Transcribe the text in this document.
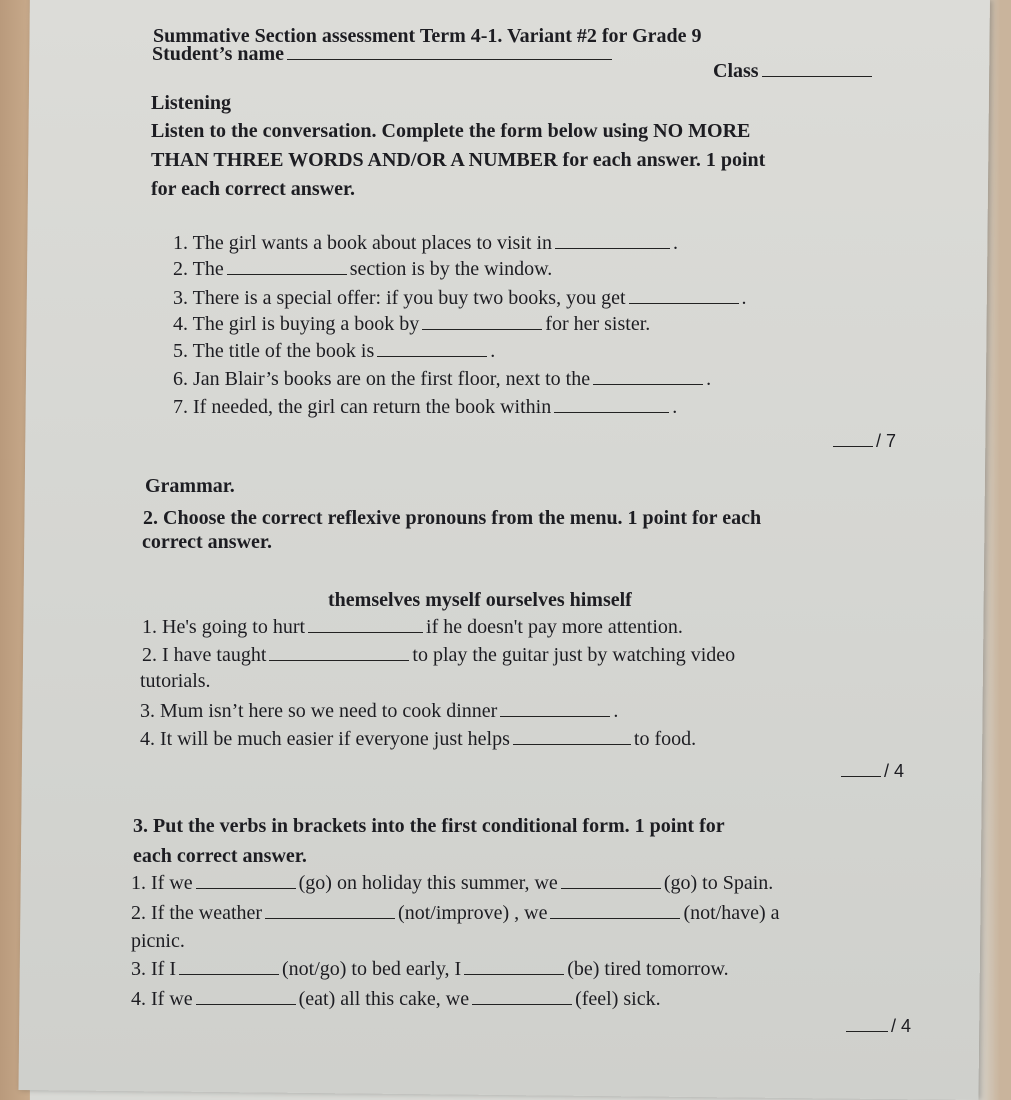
Summative Section assessment Term 4-1. Variant #2 for Grade 9
Student’s name
Class
Listening
Listen to the conversation. Complete the form below using NO MORE
THAN THREE WORDS AND/OR A NUMBER for each answer. 1 point
for each correct answer.
1. The girl wants a book about places to visit in	.
2. The	section is by the window.
3. There is a special offer: if you buy two books, you get	.
4. The girl is buying a book by	for her sister.
5. The title of the book is	.
6. Jan Blair’s books are on the first floor, next to the	.
7. If needed, the girl can return the book within	.
/ 7
Grammar.
2. Choose the correct reflexive pronouns from the menu. 1 point for each
correct answer.
themselves myself ourselves himself
1. He's going to hurt	if he doesn't pay more attention.
2. I have taught	to play the guitar just by watching video
tutorials.
3. Mum isn’t here so we need to cook dinner	.
4. It will be much easier if everyone just helps	to food.
/ 4
3. Put the verbs in brackets into the first conditional form. 1 point for
each correct answer.
1. If we	(go) on holiday this summer, we	(go) to Spain.
2. If the weather	(not/improve) , we	(not/have) a
picnic.
3. If I	(not/go) to bed early, I	(be) tired tomorrow.
4. If we	(eat) all this cake, we	(feel) sick.
/ 4
